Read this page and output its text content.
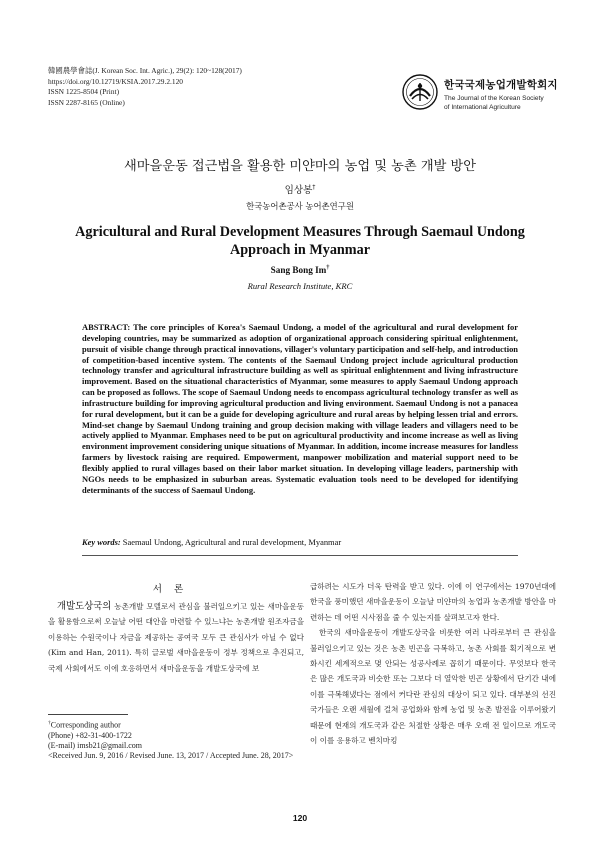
韓國農學會誌(J. Korean Soc. Int. Agric.), 29(2): 120~128(2017)
https://doi.org/10.12719/KSIA.2017.29.2.120
ISSN 1225-8504 (Print)
ISSN 2287-8165 (Online)
한국국제농업개발학회지
The Journal of the Korean Society
of International Agriculture
새마을운동 접근법을 활용한 미얀마의 농업 및 농촌 개발 방안
임상봉†
한국농어촌공사 농어촌연구원
Agricultural and Rural Development Measures Through Saemaul Undong Approach in Myanmar
Sang Bong Im†
Rural Research Institute, KRC
ABSTRACT: The core principles of Korea's Saemaul Undong, a model of the agricultural and rural development for developing countries, may be summarized as adoption of organizational approach considering spiritual enlightenment, pursuit of visible change through practical innovations, villager's voluntary participation and self-help, and introduction of competition-based incentive system. The contents of the Saemaul Undong project include agricultural production technology transfer and agricultural infrastructure building as well as spiritual enlightenment and living infrastructure improvement. Based on the situational characteristics of Myanmar, some measures to apply Saemaul Undong approach can be proposed as follows. The scope of Saemaul Undong needs to encompass agricultural technology transfer as well as infrastructure building for improving agricultural production and living environment. Saemaul Undong is not a panacea for rural development, but it can be a guide for developing agriculture and rural areas by helping lessen trial and errors. Mind-set change by Saemaul Undong training and group decision making with village leaders and villagers need to be actively applied to Myanmar. Emphases need to be put on agricultural productivity and income increase as well as living environment improvement considering unique situations of Myanmar. In addition, income increase measures for landless farmers by livestock raising are required. Empowerment, manpower mobilization and material support need to be flexibly applied to rural villages based on their labor market situation. In developing village leaders, partnership with NGOs needs to be emphasized in suburban areas. Systematic evaluation tools need to be developed for identifying determinants of the success of Saemaul Undong.
Key words: Saemaul Undong, Agricultural and rural development, Myanmar
서론

개발도상국의 농촌개발 모델로서 관심을 불러일으키고 있는 새마을운동을 활용함으로써 오늘날 어떤 대안을 마련할 수 있느냐는 농촌개발 원조자금을 이용하는 수원국이나 자금을 제공하는 공여국 모두 큰 관심사가 아닐 수 없다(Kim and Han, 2011). 특히 글로벌 새마을운동이 정부 정책으로 추진되고, 국제 사회에서도 이에 호응하면서 새마을운동을 개발도상국에 보

급하려는 시도가 더욱 탄력을 받고 있다. 이에 이 연구에서는 1970년대에 한국을 풍미했던 새마을운동이 오늘날 미얀마의 농업과 농촌개발 방안을 마련하는 데 어떤 시사점을 줄 수 있는지를 살펴보고자 한다.

한국의 새마을운동이 개발도상국을 비롯한 여러 나라로부터 큰 관심을 불러일으키고 있는 것은 농촌 빈곤을 극복하고, 농촌 사회를 획기적으로 변화시킨 세계적으로 몇 안되는 성공사례로 꼽히기 때문이다. 무엇보다 한국은 많은 개도국과 비슷한 또는 그보다 더 열악한 빈곤 상황에서 단기간 내에 이를 극복해냈다는 점에서 커다란 관심의 대상이 되고 있다. 대부분의 선진 국가들은 오랜 세월에 걸쳐 공업화와 함께 농업 및 농촌 발전을 이루어왔기 때문에 현재의 개도국과 같은 처절한 상황은 매우 오래 전 일이므로 개도국이 이를 응용하고 벤치마킹

†Corresponding author
(Phone) +82-31-400-1722
(E-mail) imsb21@gmail.com
<Received Jun. 9, 2016 / Revised June. 13, 2017 / Accepted June. 28, 2017>
120
